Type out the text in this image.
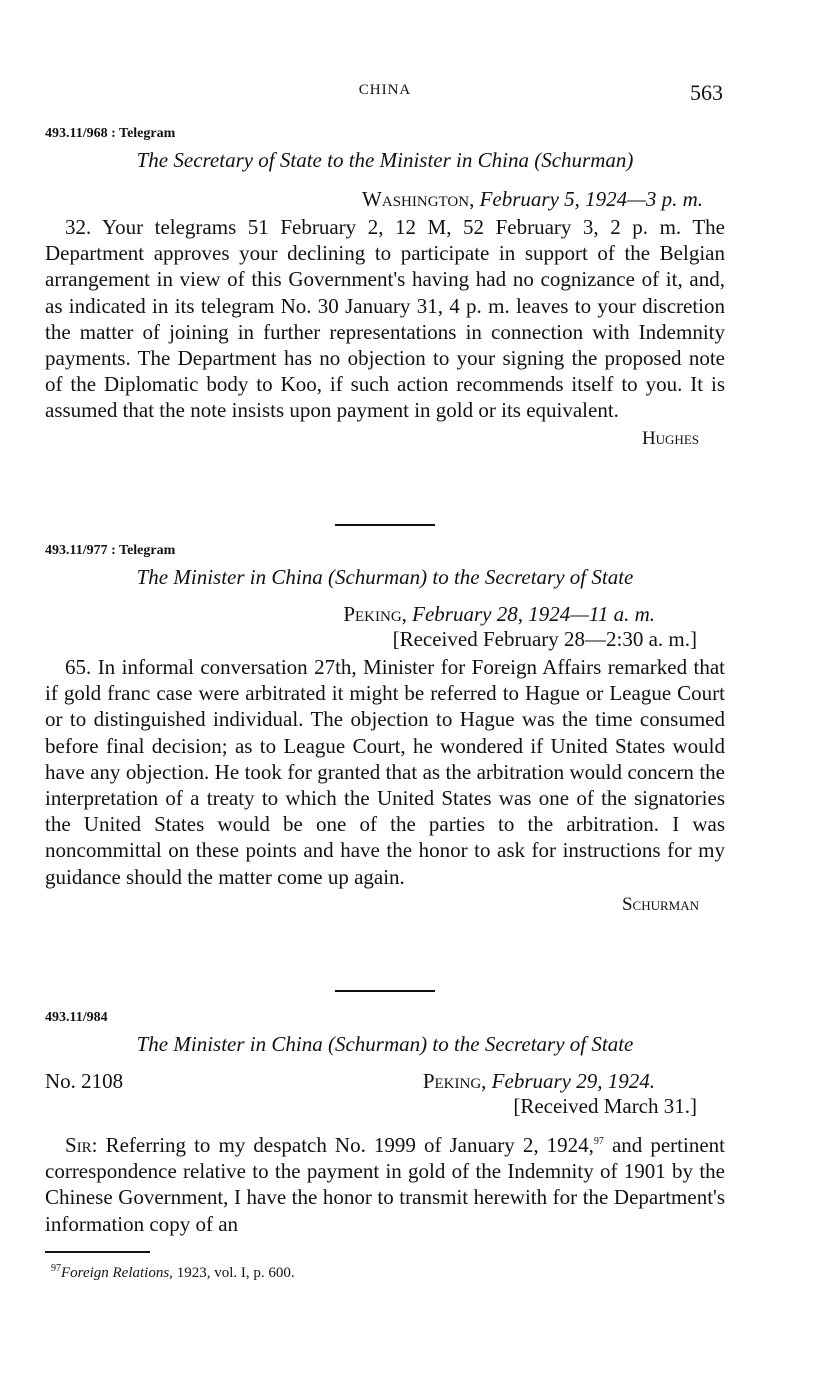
CHINA	563

493.11/968 : Telegram

The Secretary of State to the Minister in China (Schurman)

Washington, February 5, 1924—3 p. m.

32. Your telegrams 51 February 2, 12 M, 52 February 3, 2 p. m. The Department approves your declining to participate in support of the Belgian arrangement in view of this Government's having had no cognizance of it, and, as indicated in its telegram No. 30 January 31, 4 p. m. leaves to your discretion the matter of joining in further representations in connection with Indemnity payments. The Department has no objection to your signing the proposed note of the Diplomatic body to Koo, if such action recommends itself to you. It is assumed that the note insists upon payment in gold or its equivalent.

Hughes

493.11/977 : Telegram

The Minister in China (Schurman) to the Secretary of State

Peking, February 28, 1924—11 a. m.

[Received February 28—2:30 a. m.]

65. In informal conversation 27th, Minister for Foreign Affairs remarked that if gold franc case were arbitrated it might be referred to Hague or League Court or to distinguished individual. The objection to Hague was the time consumed before final decision; as to League Court, he wondered if United States would have any objection. He took for granted that as the arbitration would concern the interpretation of a treaty to which the United States was one of the signatories the United States would be one of the parties to the arbitration. I was noncommittal on these points and have the honor to ask for instructions for my guidance should the matter come up again.

Schurman

493.11/984

The Minister in China (Schurman) to the Secretary of State

No. 2108	Peking, February 29, 1924.

[Received March 31.]

Sir: Referring to my despatch No. 1999 of January 2, 1924,97 and pertinent correspondence relative to the payment in gold of the Indemnity of 1901 by the Chinese Government, I have the honor to transmit herewith for the Department's information copy of an

$^{97}$Foreign Relations, 1923, vol. I, p. 600.
